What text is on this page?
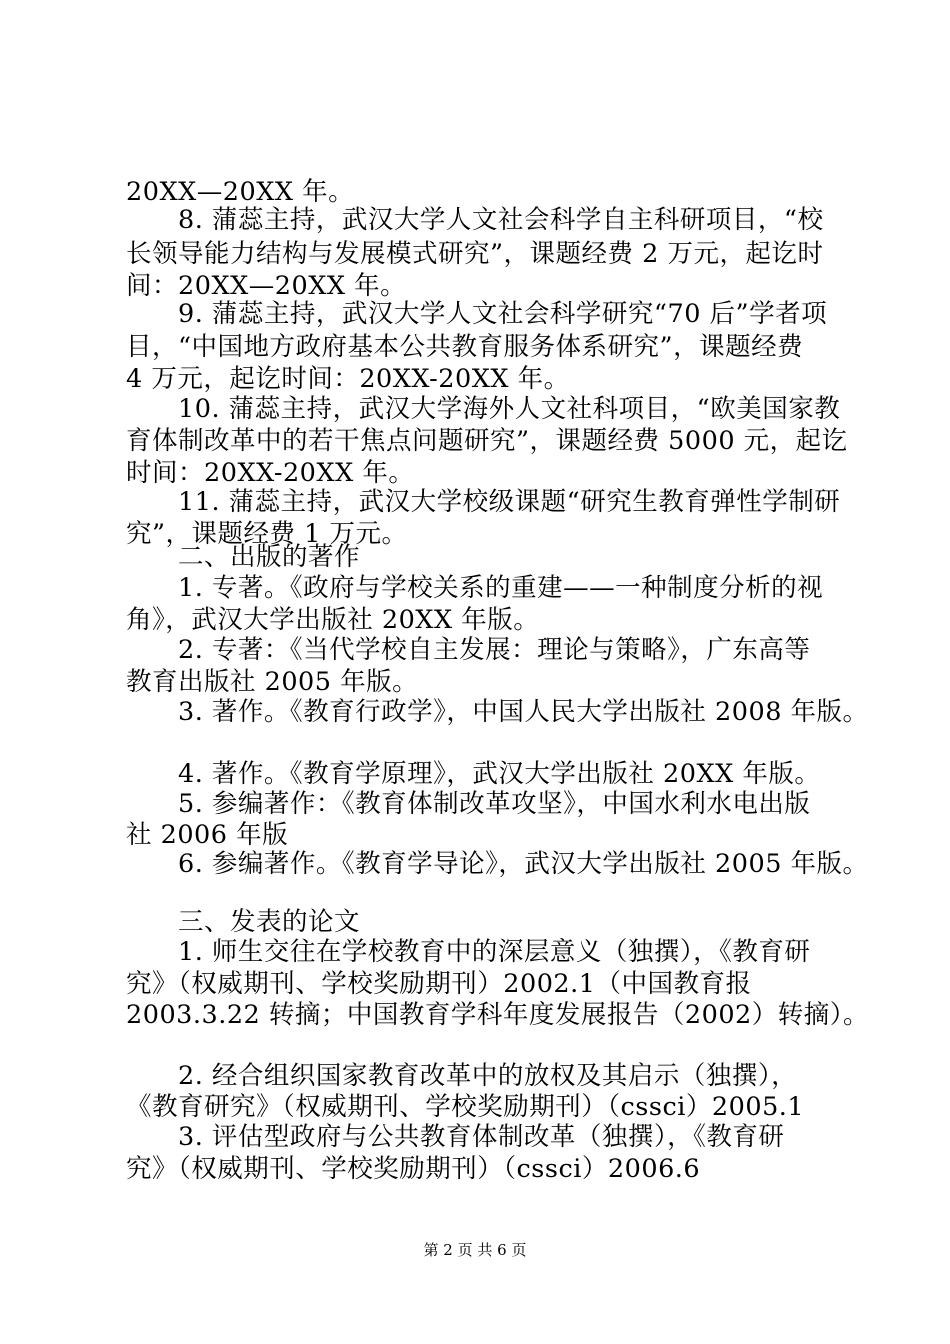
20XX—20XX 年。
8. 蒲蕊主持，武汉大学人文社会科学自主科研项目，“校
长领导能力结构与发展模式研究”，课题经费 2 万元，起讫时
间：20XX—20XX 年。
9. 蒲蕊主持，武汉大学人文社会科学研究“70 后”学者项
目，“中国地方政府基本公共教育服务体系研究”，课题经费
4 万元，起讫时间：20XX-20XX 年。
10. 蒲蕊主持，武汉大学海外人文社科项目，“欧美国家教
育体制改革中的若干焦点问题研究”，课题经费 5000 元，起讫
时间：20XX-20XX 年。
11. 蒲蕊主持，武汉大学校级课题“研究生教育弹性学制研
究”，课题经费 1 万元。
二、出版的著作
1. 专著。《政府与学校关系的重建——一种制度分析的视
角》，武汉大学出版社 20XX 年版。
2. 专著：《当代学校自主发展：理论与策略》，广东高等
教育出版社 2005 年版。
3. 著作。《教育行政学》，中国人民大学出版社 2008 年版。
4. 著作。《教育学原理》，武汉大学出版社 20XX 年版。
5. 参编著作：《教育体制改革攻坚》，中国水利水电出版
社 2006 年版
6. 参编著作。《教育学导论》，武汉大学出版社 2005 年版。
三、发表的论文
1. 师生交往在学校教育中的深层意义（独撰），《教育研
究》（权威期刊、学校奖励期刊）2002.1（中国教育报
2003.3.22 转摘；中国教育学科年度发展报告（2002）转摘）。
2. 经合组织国家教育改革中的放权及其启示（独撰），
《教育研究》（权威期刊、学校奖励期刊）（cssci）2005.1
3. 评估型政府与公共教育体制改革（独撰），《教育研
究》（权威期刊、学校奖励期刊）（cssci）2006.6
第 2 页 共 6 页
